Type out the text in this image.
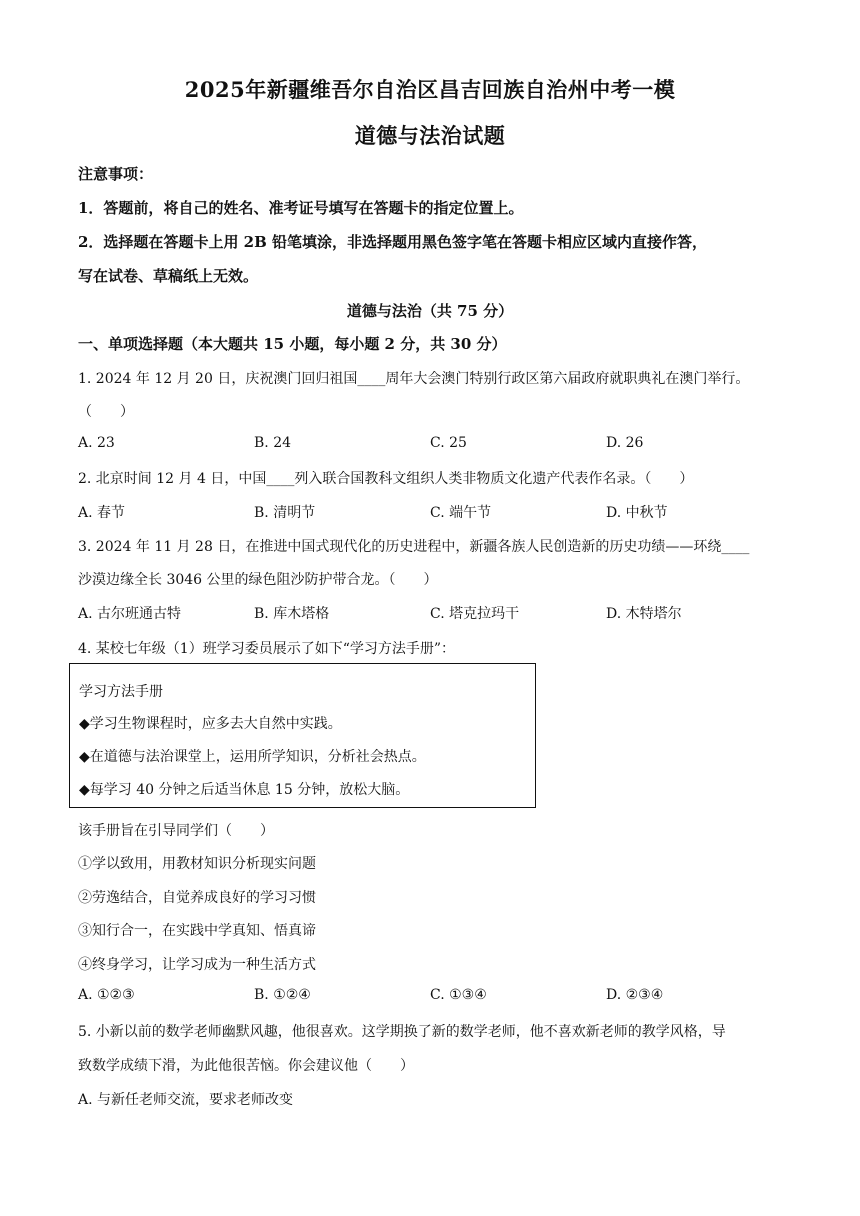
2025年新疆维吾尔自治区昌吉回族自治州中考一模
道德与法治试题
注意事项：
1．答题前，将自己的姓名、准考证号填写在答题卡的指定位置上。
2．选择题在答题卡上用 2B 铅笔填涂，非选择题用黑色签字笔在答题卡相应区域内直接作答，
写在试卷、草稿纸上无效。
道德与法治（共 75 分）
一、单项选择题（本大题共 15 小题，每小题 2 分，共 30 分）
1. 2024 年 12 月 20 日，庆祝澳门回归祖国____周年大会澳门特别行政区第六届政府就职典礼在澳门举行。
（　　）
A. 23	B. 24	C. 25	D. 26
2. 北京时间 12 月 4 日，中国____列入联合国教科文组织人类非物质文化遗产代表作名录。（　　）
A. 春节	B. 清明节	C. 端午节	D. 中秋节
3. 2024 年 11 月 28 日，在推进中国式现代化的历史进程中，新疆各族人民创造新的历史功绩——环绕____
沙漠边缘全长 3046 公里的绿色阻沙防护带合龙。（　　）
A. 古尔班通古特	B. 库木塔格	C. 塔克拉玛干	D. 木特塔尔
4. 某校七年级（1）班学习委员展示了如下“学习方法手册”：
学习方法手册
◆学习生物课程时，应多去大自然中实践。
◆在道德与法治课堂上，运用所学知识，分析社会热点。
◆每学习 40 分钟之后适当休息 15 分钟，放松大脑。
该手册旨在引导同学们（　　）
①学以致用，用教材知识分析现实问题
②劳逸结合，自觉养成良好的学习习惯
③知行合一，在实践中学真知、悟真谛
④终身学习，让学习成为一种生活方式
A. ①②③	B. ①②④	C. ①③④	D. ②③④
5. 小新以前的数学老师幽默风趣，他很喜欢。这学期换了新的数学老师，他不喜欢新老师的教学风格，导
致数学成绩下滑，为此他很苦恼。你会建议他（　　）
A. 与新任老师交流，要求老师改变
